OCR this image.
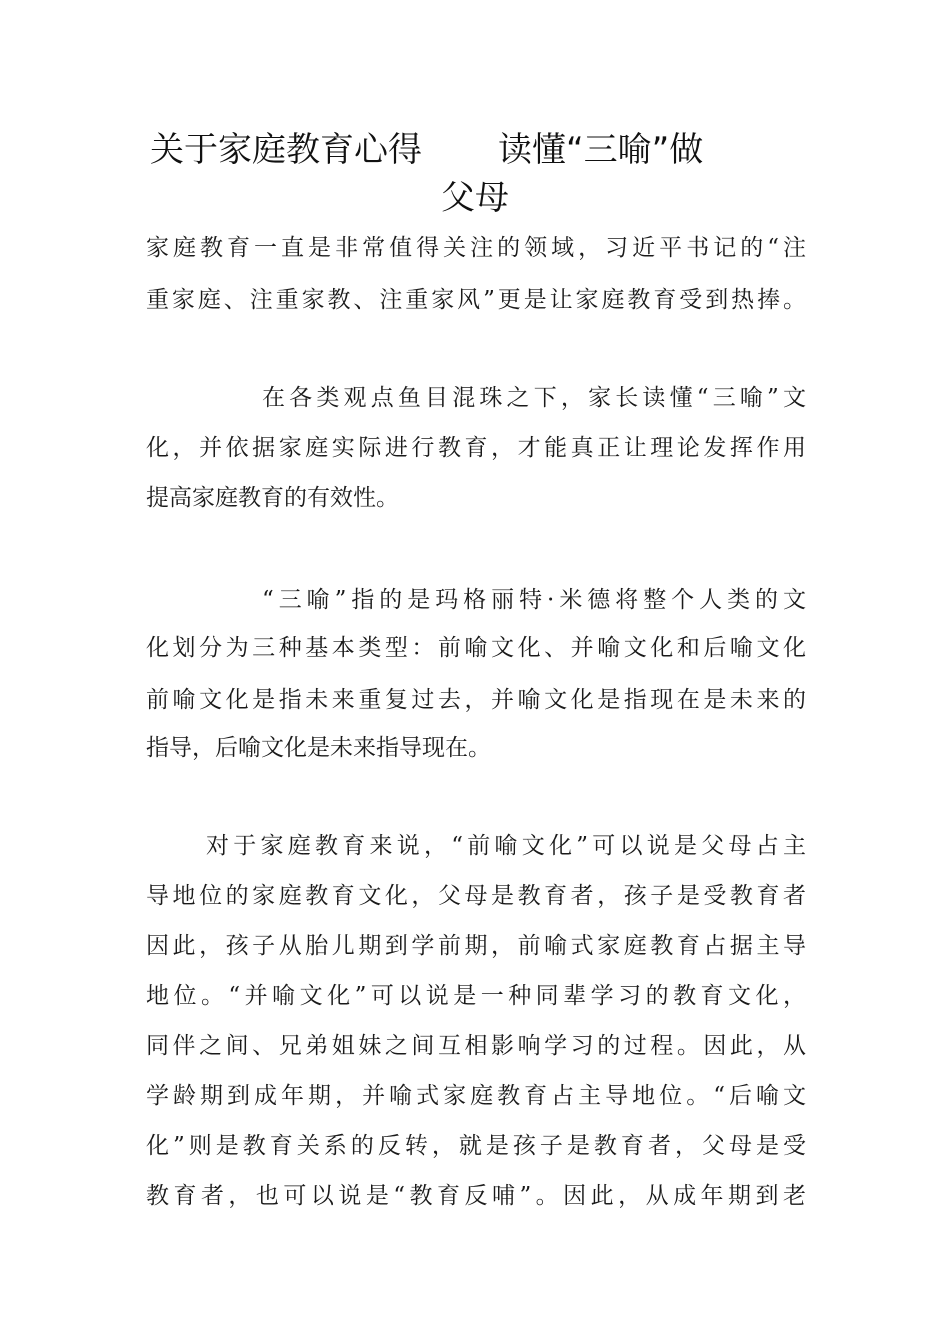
关于家庭教育心得 读懂“三喻”做
父母
家庭教育一直是非常值得关注的领域，习近平书记的“注
重家庭、注重家教、注重家风”更是让家庭教育受到热捧。
在各类观点鱼目混珠之下，家长读懂“三喻”文
化，并依据家庭实际进行教育，才能真正让理论发挥作用
提高家庭教育的有效性。
“三喻”指的是玛格丽特·米德将整个人类的文
化划分为三种基本类型：前喻文化、并喻文化和后喻文化
前喻文化是指未来重复过去，并喻文化是指现在是未来的
指导，后喻文化是未来指导现在。
对于家庭教育来说，“前喻文化”可以说是父母占主
导地位的家庭教育文化，父母是教育者，孩子是受教育者
因此，孩子从胎儿期到学前期，前喻式家庭教育占据主导
地位。“并喻文化”可以说是一种同辈学习的教育文化，
同伴之间、兄弟姐妹之间互相影响学习的过程。因此，从
学龄期到成年期，并喻式家庭教育占主导地位。“后喻文
化”则是教育关系的反转，就是孩子是教育者，父母是受
教育者，也可以说是“教育反哺”。因此，从成年期到老
